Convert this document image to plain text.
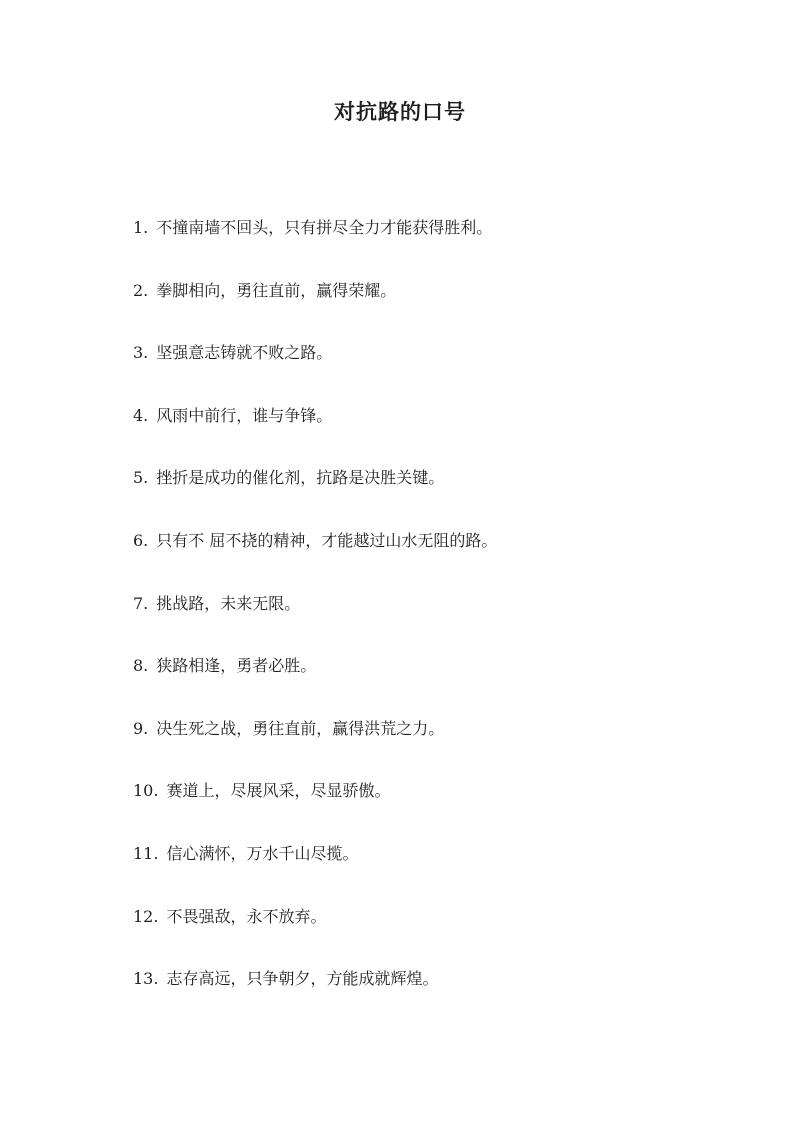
对抗路的口号
1. 不撞南墙不回头，只有拼尽全力才能获得胜利。
2. 拳脚相向，勇往直前，赢得荣耀。
3. 坚强意志铸就不败之路。
4. 风雨中前行，谁与争锋。
5. 挫折是成功的催化剂，抗路是决胜关键。
6. 只有不 屈不挠的精神，才能越过山水无阻的路。
7. 挑战路，未来无限。
8. 狭路相逢，勇者必胜。
9. 决生死之战，勇往直前，赢得洪荒之力。
10. 赛道上，尽展风采，尽显骄傲。
11. 信心满怀，万水千山尽揽。
12. 不畏强敌，永不放弃。
13. 志存高远，只争朝夕，方能成就辉煌。
